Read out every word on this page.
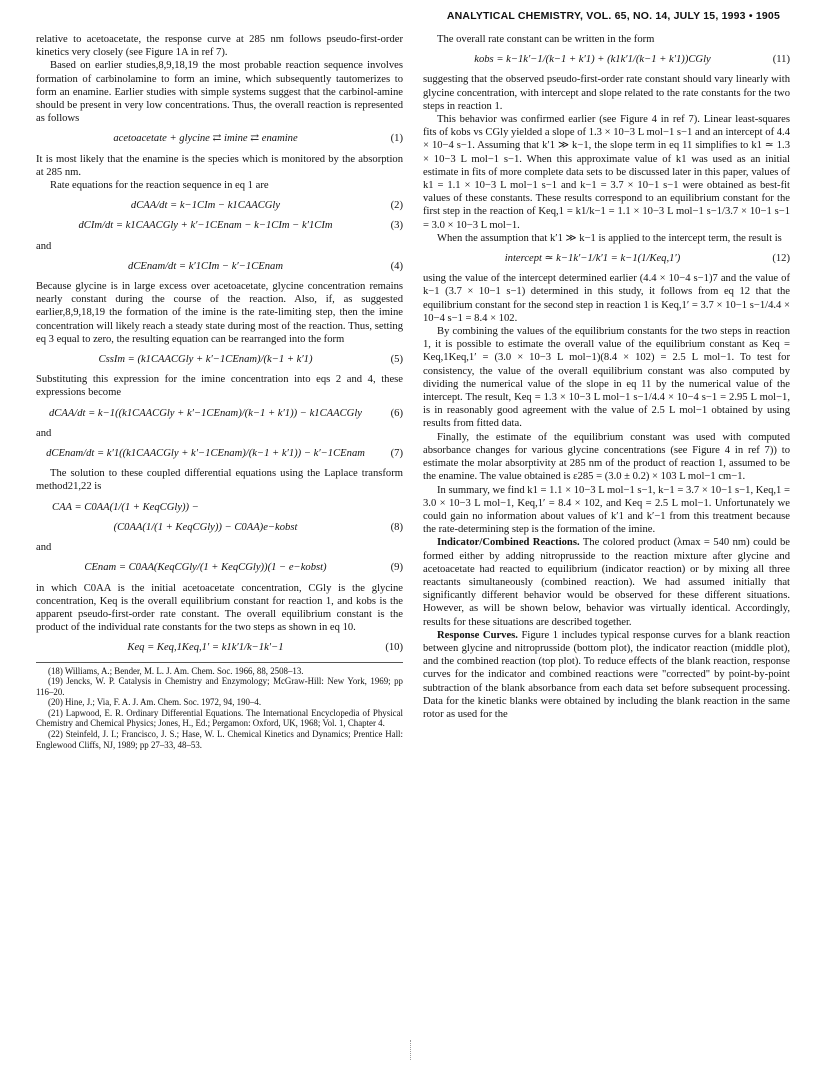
ANALYTICAL CHEMISTRY, VOL. 65, NO. 14, JULY 15, 1993 • 1905

relative to acetoacetate, the response curve at 285 nm follows pseudo-first-order kinetics very closely (see Figure 1A in ref 7).

Based on earlier studies,8,9,18,19 the most probable reaction sequence involves formation of carbinolamine to form an imine, which subsequently tautomerizes to form an enamine. Earlier studies with simple systems suggest that the carbinol-amine should be present in very low concentrations. Thus, the overall reaction is represented as follows

acetoacetate + glycine ⇄ imine ⇄ enamine	(1)

It is most likely that the enamine is the species which is monitored by the absorption at 285 nm.

Rate equations for the reaction sequence in eq 1 are

dCAA/dt = k−1CIm − k1CAACGly	(2)
dCIm/dt = k1CAACGly + k′−1CEnam − k−1CIm − k′1CIm	(3)

and

dCEnam/dt = k′1CIm − k′−1CEnam	(4)

Because glycine is in large excess over acetoacetate, glycine concentration remains nearly constant during the course of the reaction. Also, if, as suggested earlier,8,9,18,19 the formation of the imine is the rate-limiting step, then the imine concentration will likely reach a steady state during most of the reaction. Thus, setting eq 3 equal to zero, the resulting equation can be rearranged into the form

CssIm = (k1CAACGly + k′−1CEnam)/(k−1 + k′1)	(5)

Substituting this expression for the imine concentration into eqs 2 and 4, these expressions become

dCAA/dt = k−1((k1CAACGly + k′−1CEnam)/(k−1 + k′1)) − k1CAACGly	(6)

and

dCEnam/dt = k′1((k1CAACGly + k′−1CEnam)/(k−1 + k′1)) − k′−1CEnam	(7)

The solution to these coupled differential equations using the Laplace transform method21,22 is

CAA = C0AA(1/(1 + KeqCGly)) −
(C0AA(1/(1 + KeqCGly)) − C0AA)e−kobst	(8)

and

CEnam = C0AA(KeqCGly/(1 + KeqCGly))(1 − e−kobst)	(9)

in which C0AA is the initial acetoacetate concentration, CGly is the glycine concentration, Keq is the overall equilibrium constant for reaction 1, and kobs is the apparent pseudo-first-order rate constant. The overall equilibrium constant is the product of the individual rate constants for the two steps as shown in eq 10.

Keq = Keq,1Keq,1′ = k1k′1/k−1k′−1	(10)

(18) Williams, A.; Bender, M. L. J. Am. Chem. Soc. 1966, 88, 2508–13.

(19) Jencks, W. P. Catalysis in Chemistry and Enzymology; McGraw-Hill: New York, 1969; pp 116–20.

(20) Hine, J.; Via, F. A. J. Am. Chem. Soc. 1972, 94, 190–4.

(21) Lapwood, E. R. Ordinary Differential Equations. The International Encyclopedia of Physical Chemistry and Chemical Physics; Jones, H., Ed.; Pergamon: Oxford, UK, 1968; Vol. 1, Chapter 4.

(22) Steinfeld, J. I.; Francisco, J. S.; Hase, W. L. Chemical Kinetics and Dynamics; Prentice Hall: Englewood Cliffs, NJ, 1989; pp 27–33, 48–53.

The overall rate constant can be written in the form

kobs = k−1k′−1/(k−1 + k′1) + (k1k′1/(k−1 + k′1))CGly	(11)

suggesting that the observed pseudo-first-order rate constant should vary linearly with glycine concentration, with intercept and slope related to the rate constants for the two steps in reaction 1.

This behavior was confirmed earlier (see Figure 4 in ref 7). Linear least-squares fits of kobs vs CGly yielded a slope of 1.3 × 10−3 L mol−1 s−1 and an intercept of 4.4 × 10−4 s−1. Assuming that k′1 ≫ k−1, the slope term in eq 11 simplifies to k1 ≃ 1.3 × 10−3 L mol−1 s−1. When this approximate value of k1 was used as an initial estimate in fits of more complete data sets to be discussed later in this paper, values of k1 = 1.1 × 10−3 L mol−1 s−1 and k−1 = 3.7 × 10−1 s−1 were obtained as best-fit values of these constants. These results correspond to an equilibrium constant for the first step in the reaction of Keq,1 = k1/k−1 = 1.1 × 10−3 L mol−1 s−1/3.7 × 10−1 s−1 = 3.0 × 10−3 L mol−1.

When the assumption that k′1 ≫ k−1 is applied to the intercept term, the result is

intercept ≃ k−1k′−1/k′1 = k−1(1/Keq,1′)	(12)

using the value of the intercept determined earlier (4.4 × 10−4 s−1)7 and the value of k−1 (3.7 × 10−1 s−1) determined in this study, it follows from eq 12 that the equilibrium constant for the second step in reaction 1 is Keq,1′ = 3.7 × 10−1 s−1/4.4 × 10−4 s−1 = 8.4 × 102.

By combining the values of the equilibrium constants for the two steps in reaction 1, it is possible to estimate the overall value of the equilibrium constant as Keq = Keq,1Keq,1′ = (3.0 × 10−3 L mol−1)(8.4 × 102) = 2.5 L mol−1. To test for consistency, the value of the overall equilibrium constant was also computed by dividing the numerical value of the slope in eq 11 by the numerical value of the intercept. The result, Keq = 1.3 × 10−3 L mol−1 s−1/4.4 × 10−4 s−1 = 2.95 L mol−1, is in reasonably good agreement with the value of 2.5 L mol−1 obtained by using results from fitted data.

Finally, the estimate of the equilibrium constant was used with computed absorbance changes for various glycine concentrations (see Figure 4 in ref 7)) to estimate the molar absorptivity at 285 nm of the product of reaction 1, assumed to be the enamine. The value obtained is ε285 = (3.0 ± 0.2) × 103 L mol−1 cm−1.

In summary, we find k1 = 1.1 × 10−3 L mol−1 s−1, k−1 = 3.7 × 10−1 s−1, Keq,1 = 3.0 × 10−3 L mol−1, Keq,1′ = 8.4 × 102, and Keq = 2.5 L mol−1. Unfortunately we could gain no information about values of k′1 and k′−1 from this treatment because the rate-determining step is the formation of the imine.

Indicator/Combined Reactions. The colored product (λmax = 540 nm) could be formed either by adding nitroprusside to the reaction mixture after glycine and acetoacetate had reacted to equilibrium (indicator reaction) or by mixing all three reactants simultaneously (combined reaction). We had assumed initially that significantly different behavior would be observed for these different situations. However, as will be shown below, behavior was virtually identical. Accordingly, results for these situations are described together.

Response Curves. Figure 1 includes typical response curves for a blank reaction between glycine and nitroprusside (bottom plot), the indicator reaction (middle plot), and the combined reaction (top plot). To reduce effects of the blank reaction, response curves for the indicator and combined reactions were "corrected" by point-by-point subtraction of the blank absorbance from each data set before subsequent processing. Data for the kinetic blanks were obtained by including the blank reaction in the same rotor as used for the
